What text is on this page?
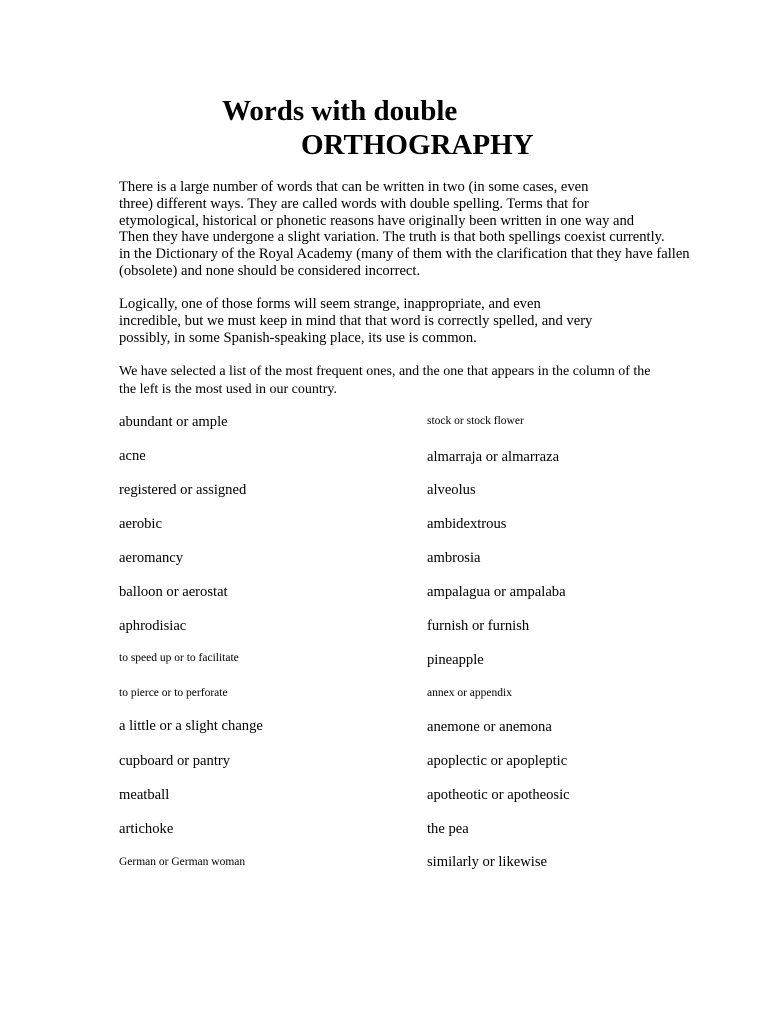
Words with double
ORTHOGRAPHY
There is a large number of words that can be written in two (in some cases, even
three) different ways. They are called words with double spelling. Terms that for
etymological, historical or phonetic reasons have originally been written in one way and
Then they have undergone a slight variation. The truth is that both spellings coexist currently.
in the Dictionary of the Royal Academy (many of them with the clarification that they have fallen
(obsolete) and none should be considered incorrect.
Logically, one of those forms will seem strange, inappropriate, and even
incredible, but we must keep in mind that that word is correctly spelled, and very
possibly, in some Spanish-speaking place, its use is common.
We have selected a list of the most frequent ones, and the one that appears in the column of the
the left is the most used in our country.
abundant or ample
acne
registered or assigned
aerobic
aeromancy
balloon or aerostat
aphrodisiac
to speed up or to facilitate
to pierce or to perforate
a little or a slight change
cupboard or pantry
meatball
artichoke
German or German woman
stock or stock flower
almarraja or almarraza
alveolus
ambidextrous
ambrosia
ampalagua or ampalaba
furnish or furnish
pineapple
annex or appendix
anemone or anemona
apoplectic or apopleptic
apotheotic or apotheosic
the pea
similarly or likewise
